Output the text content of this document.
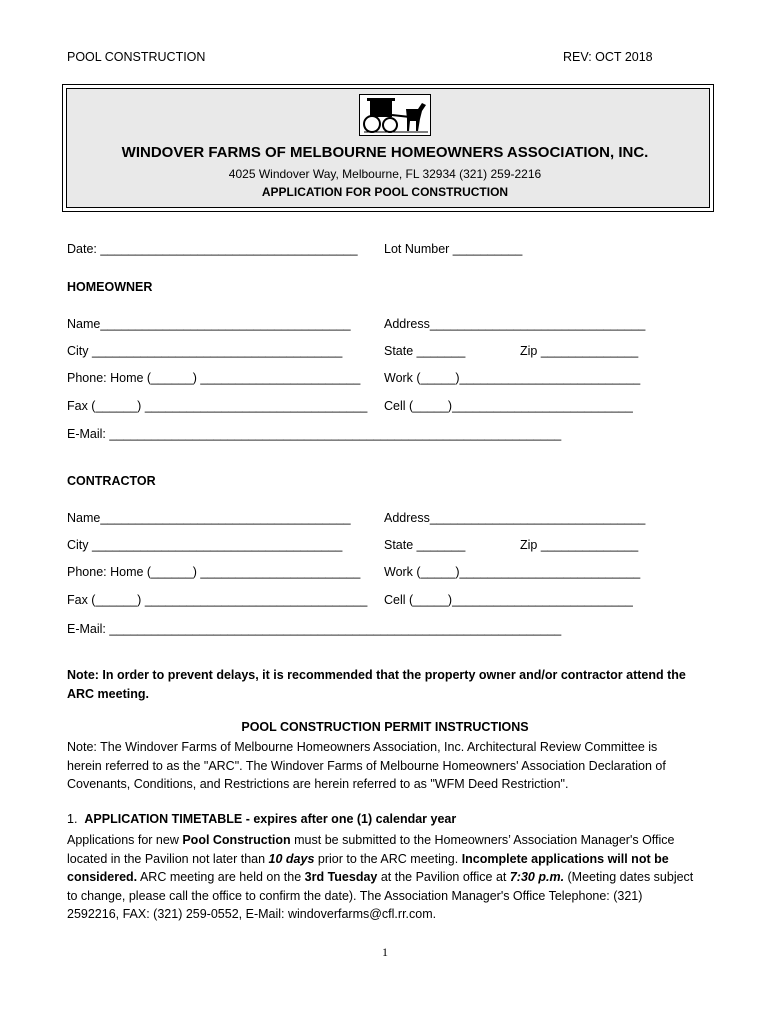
POOL CONSTRUCTION	REV: OCT 2018
WINDOVER FARMS OF MELBOURNE HOMEOWNERS ASSOCIATION, INC.
4025 Windover Way, Melbourne, FL 32934 (321) 259-2216
APPLICATION FOR POOL CONSTRUCTION
Date: _____________________________________ Lot Number __________
HOMEOWNER
Name____________________________________	Address_______________________________
City ____________________________________	State _______	Zip ______________
Phone: Home (______) _______________________ Work (_____)__________________________
Fax (______) ________________________________ Cell (_____)__________________________
E-Mail: _________________________________________________________________
CONTRACTOR
Name____________________________________	Address_______________________________
City ____________________________________	State _______	Zip ______________
Phone: Home (______) _______________________ Work (_____)__________________________
Fax (______) ________________________________ Cell (_____)__________________________
E-Mail: _________________________________________________________________

Note: In order to prevent delays, it is recommended that the property owner and/or contractor attend the

ARC meeting.

POOL CONSTRUCTION PERMIT INSTRUCTIONS

Note: The Windover Farms of Melbourne Homeowners Association, Inc. Architectural Review Committee is

herein referred to as the "ARC". The Windover Farms of Melbourne Homeowners' Association Declaration of

Covenants, Conditions, and Restrictions are herein referred to as "WFM Deed Restriction".

1. APPLICATION TIMETABLE - expires after one (1) calendar year

Applications for new Pool Construction must be submitted to the Homeowners’ Association Manager's Office

located in the Pavilion not later than 10 days prior to the ARC meeting. Incomplete applications will not be

considered. ARC meeting are held on the 3rd Tuesday at the Pavilion office at 7:30 p.m. (Meeting dates subject

to change, please call the office to confirm the date). The Association Manager's Office Telephone: (321)

2592216, FAX: (321) 259-0552, E-Mail: windoverfarms@cfl.rr.com.

1
